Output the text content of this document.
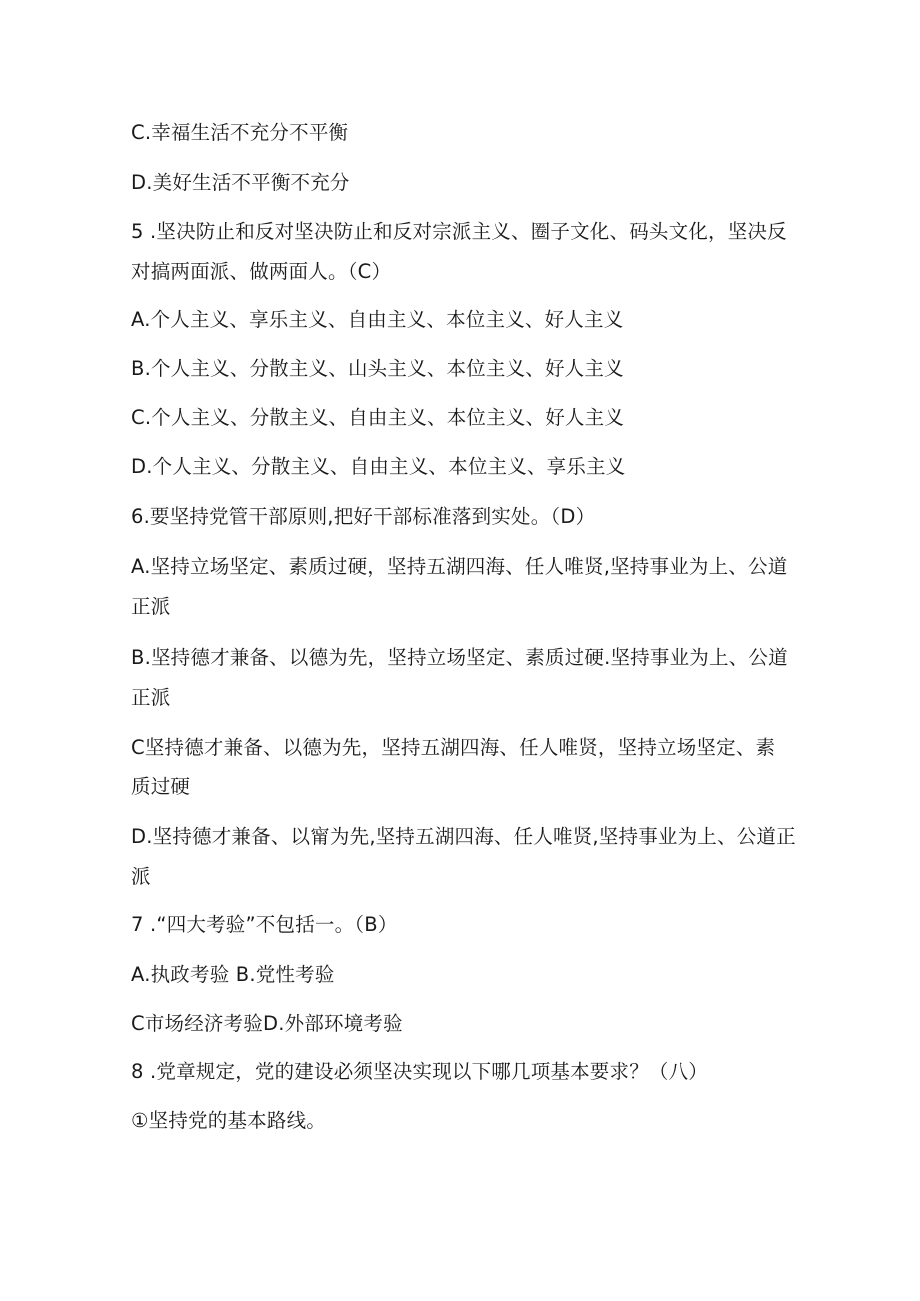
C.幸福生活不充分不平衡
D.美好生活不平衡不充分
5 .坚决防止和反对坚决防止和反对宗派主义、圈子文化、码头文化，坚决反
对搞两面派、做两面人。（C）
A.个人主义、享乐主义、自由主义、本位主义、好人主义
B.个人主义、分散主义、山头主义、本位主义、好人主义
C.个人主义、分散主义、自由主义、本位主义、好人主义
D.个人主义、分散主义、自由主义、本位主义、享乐主义
6.要坚持党管干部原则,把好干部标准落到实处。（D）
A.坚持立场坚定、素质过硬，坚持五湖四海、任人唯贤,坚持事业为上、公道
正派
B.坚持德才兼备、以德为先，坚持立场坚定、素质过硬.坚持事业为上、公道
正派
C坚持德才兼备、以德为先，坚持五湖四海、任人唯贤，坚持立场坚定、素
质过硬
D.坚持德才兼备、以甯为先,坚持五湖四海、任人唯贤,坚持事业为上、公道正
派
7 .“四大考验”不包括一。（B）
A.执政考验 B.党性考验
C市场经济考验D.外部环境考验
8 .党章规定，党的建设必须坚决实现以下哪几项基本要求？（八）
①坚持党的基本路线。
